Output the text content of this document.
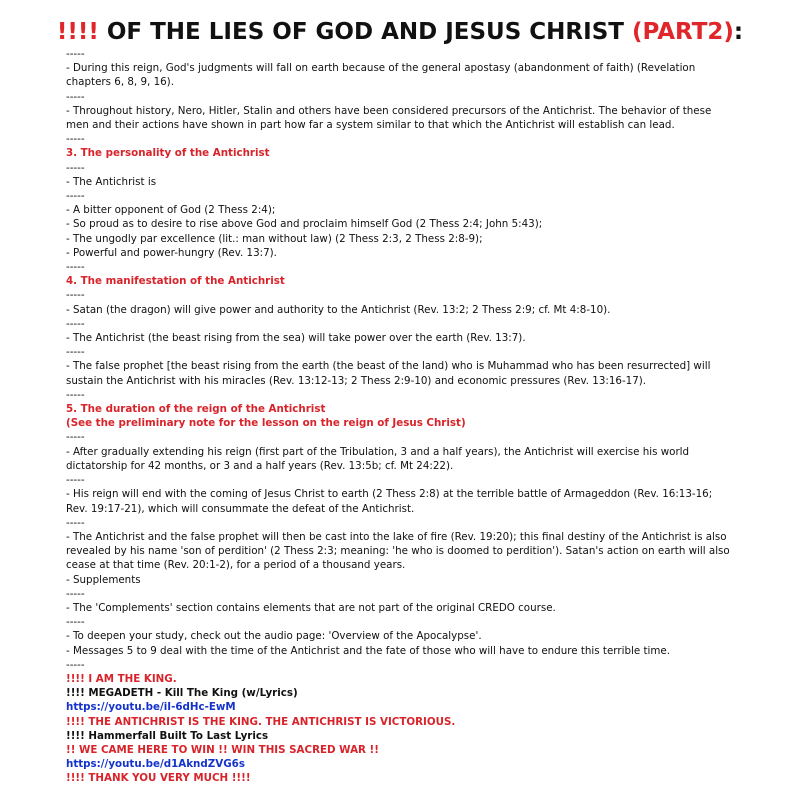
!!!! OF THE LIES OF GOD AND JESUS CHRIST (PART2):
-----
- During this reign, God's judgments will fall on earth because of the general apostasy (abandonment of faith) (Revelation chapters 6, 8, 9, 16).
-----
- Throughout history, Nero, Hitler, Stalin and others have been considered precursors of the Antichrist. The behavior of these men and their actions have shown in part how far a system similar to that which the Antichrist will establish can lead.
-----
3. The personality of the Antichrist
-----
- The Antichrist is
-----
- A bitter opponent of God (2 Thess 2:4);
- So proud as to desire to rise above God and proclaim himself God (2 Thess 2:4; John 5:43);
- The ungodly par excellence (lit.: man without law) (2 Thess 2:3, 2 Thess 2:8-9);
- Powerful and power-hungry (Rev. 13:7).
-----
4. The manifestation of the Antichrist
-----
- Satan (the dragon) will give power and authority to the Antichrist (Rev. 13:2; 2 Thess 2:9; cf. Mt 4:8-10).
-----
- The Antichrist (the beast rising from the sea) will take power over the earth (Rev. 13:7).
-----
- The false prophet [the beast rising from the earth (the beast of the land) who is Muhammad who has been resurrected] will sustain the Antichrist with his miracles (Rev. 13:12-13; 2 Thess 2:9-10) and economic pressures (Rev. 13:16-17).
-----
5. The duration of the reign of the Antichrist
(See the preliminary note for the lesson on the reign of Jesus Christ)
-----
- After gradually extending his reign (first part of the Tribulation, 3 and a half years), the Antichrist will exercise his world dictatorship for 42 months, or 3 and a half years (Rev. 13:5b; cf. Mt 24:22).
-----
- His reign will end with the coming of Jesus Christ to earth (2 Thess 2:8) at the terrible battle of Armageddon (Rev. 16:13-16; Rev. 19:17-21), which will consummate the defeat of the Antichrist.
-----
- The Antichrist and the false prophet will then be cast into the lake of fire (Rev. 19:20); this final destiny of the Antichrist is also revealed by his name 'son of perdition' (2 Thess 2:3; meaning: 'he who is doomed to perdition'). Satan's action on earth will also cease at that time (Rev. 20:1-2), for a period of a thousand years.
- Supplements
-----
- The 'Complements' section contains elements that are not part of the original CREDO course.
-----
- To deepen your study, check out the audio page: 'Overview of the Apocalypse'.
- Messages 5 to 9 deal with the time of the Antichrist and the fate of those who will have to endure this terrible time.
-----
!!!! I AM THE KING.
!!!! MEGADETH - Kill The King (w/Lyrics)
https://youtu.be/iI-6dHc-EwM
!!!! THE ANTICHRIST IS THE KING. THE ANTICHRIST IS VICTORIOUS.
!!!! Hammerfall Built To Last Lyrics
!! WE CAME HERE TO WIN !! WIN THIS SACRED WAR !!
https://youtu.be/d1AkndZVG6s
!!!! THANK YOU VERY MUCH !!!!
